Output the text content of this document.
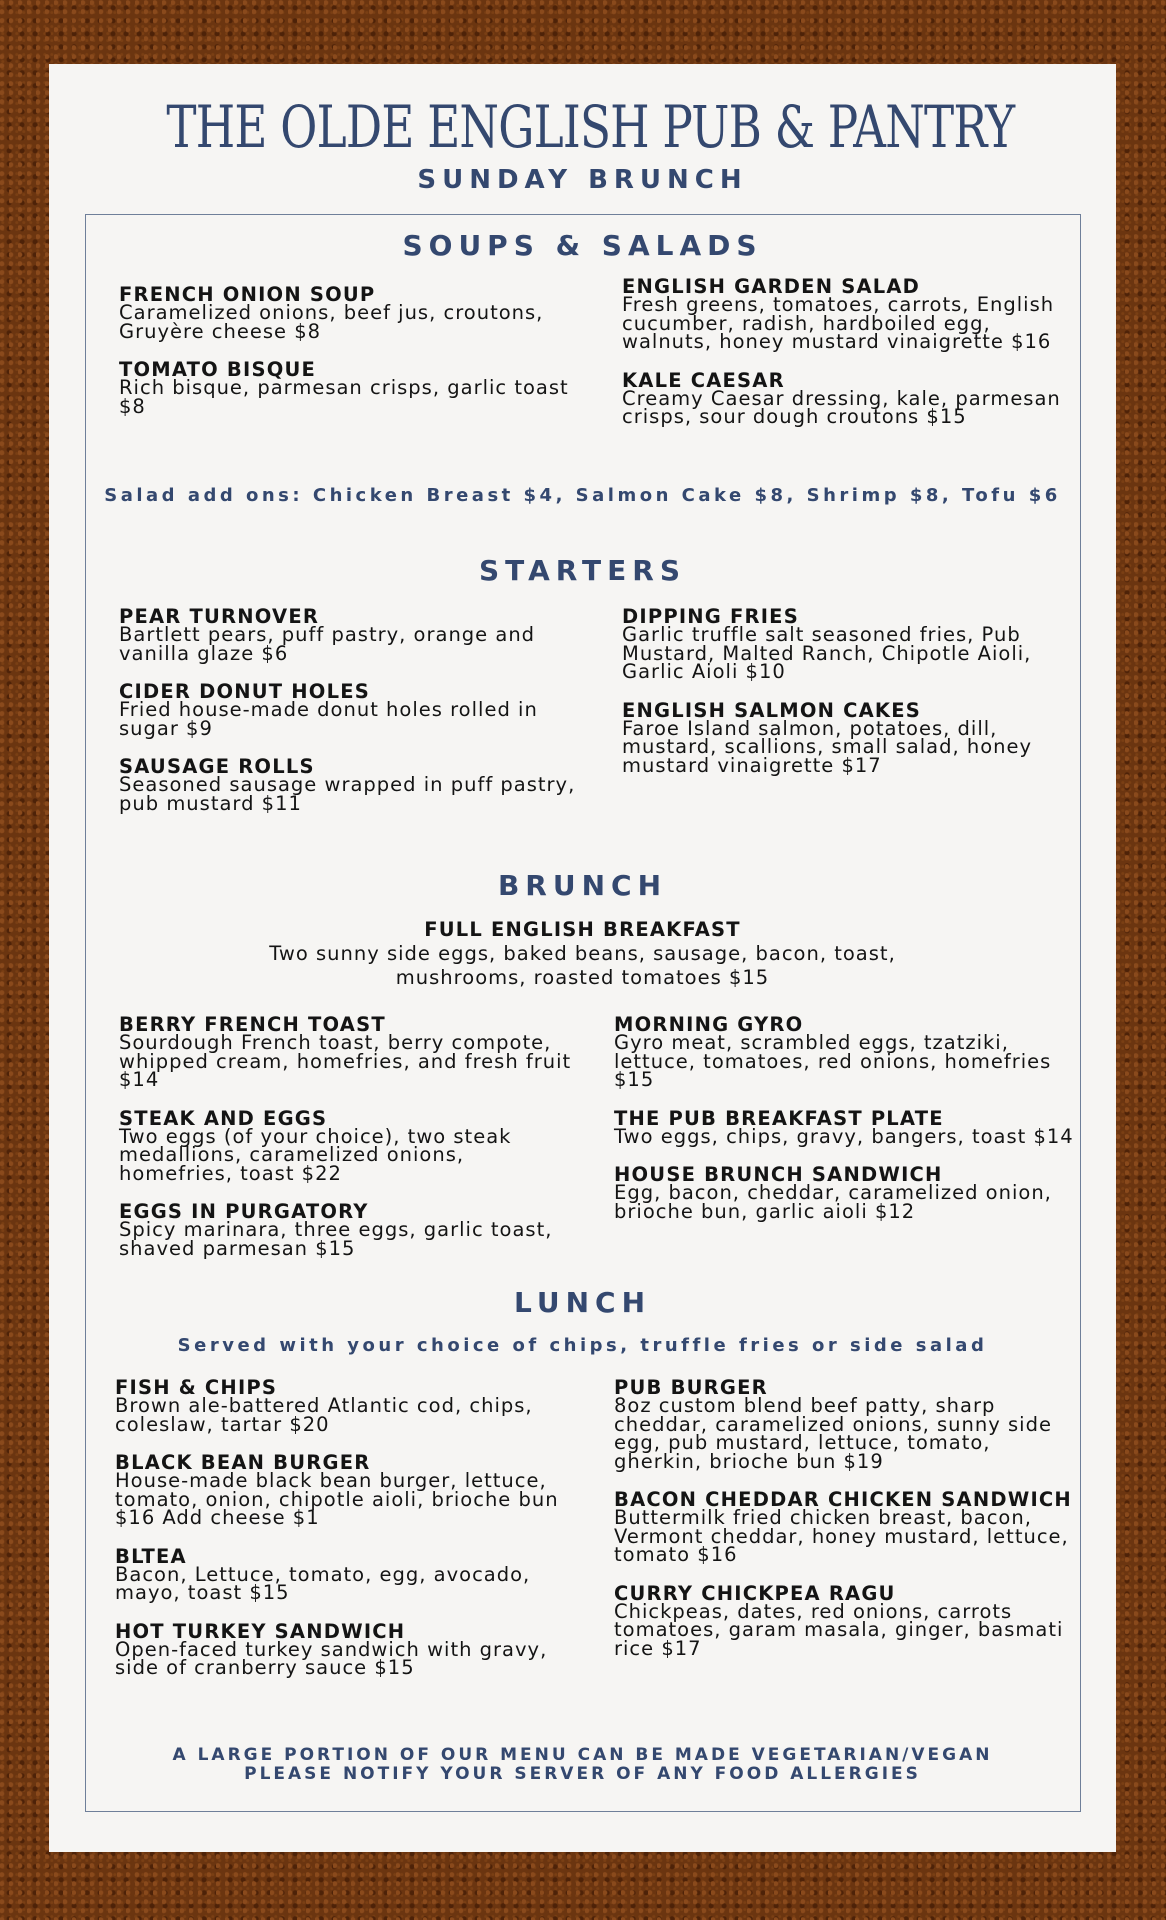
THE OLDE ENGLISH PUB & PANTRY
SUNDAY BRUNCH
SOUPS & SALADS
FRENCH ONION SOUP
Caramelized onions, beef jus, croutons, Gruyère cheese $8
TOMATO BISQUE
Rich bisque, parmesan crisps, garlic toast $8
ENGLISH GARDEN SALAD
Fresh greens, tomatoes, carrots, English cucumber, radish, hardboiled egg, walnuts, honey mustard vinaigrette $16
KALE CAESAR
Creamy Caesar dressing, kale, parmesan crisps, sour dough croutons $15
Salad add ons: Chicken Breast $4, Salmon Cake $8, Shrimp $8, Tofu $6
STARTERS
PEAR TURNOVER
Bartlett pears, puff pastry, orange and vanilla glaze $6
CIDER DONUT HOLES
Fried house-made donut holes rolled in sugar $9
SAUSAGE ROLLS
Seasoned sausage wrapped in puff pastry, pub mustard $11
DIPPING FRIES
Garlic truffle salt seasoned fries, Pub Mustard, Malted Ranch, Chipotle Aioli, Garlic Aioli $10
ENGLISH SALMON CAKES
Faroe Island salmon, potatoes, dill, mustard, scallions, small salad, honey mustard vinaigrette $17
BRUNCH
FULL ENGLISH BREAKFAST
Two sunny side eggs, baked beans, sausage, bacon, toast, mushrooms, roasted tomatoes $15
BERRY FRENCH TOAST
Sourdough French toast, berry compote, whipped cream, homefries, and fresh fruit $14
STEAK AND EGGS
Two eggs (of your choice), two steak medallions, caramelized onions, homefries, toast $22
EGGS IN PURGATORY
Spicy marinara, three eggs, garlic toast, shaved parmesan $15
MORNING GYRO
Gyro meat, scrambled eggs, tzatziki, lettuce, tomatoes, red onions, homefries $15
THE PUB BREAKFAST PLATE
Two eggs, chips, gravy, bangers, toast $14
HOUSE BRUNCH SANDWICH
Egg, bacon, cheddar, caramelized onion, brioche bun, garlic aioli $12
LUNCH
Served with your choice of chips, truffle fries or side salad
FISH & CHIPS
Brown ale-battered Atlantic cod, chips, coleslaw, tartar $20
BLACK BEAN BURGER
House-made black bean burger, lettuce, tomato, onion, chipotle aioli, brioche bun $16 Add cheese $1
BLTEA
Bacon, Lettuce, tomato, egg, avocado, mayo, toast $15
HOT TURKEY SANDWICH
Open-faced turkey sandwich with gravy, side of cranberry sauce $15
PUB BURGER
8oz custom blend beef patty, sharp cheddar, caramelized onions, sunny side egg, pub mustard, lettuce, tomato, gherkin, brioche bun $19
BACON CHEDDAR CHICKEN SANDWICH
Buttermilk fried chicken breast, bacon, Vermont cheddar, honey mustard, lettuce, tomato $16
CURRY CHICKPEA RAGU
Chickpeas, dates, red onions, carrots tomatoes, garam masala, ginger, basmati rice $17
A LARGE PORTION OF OUR MENU CAN BE MADE VEGETARIAN/VEGAN
PLEASE NOTIFY YOUR SERVER OF ANY FOOD ALLERGIES
